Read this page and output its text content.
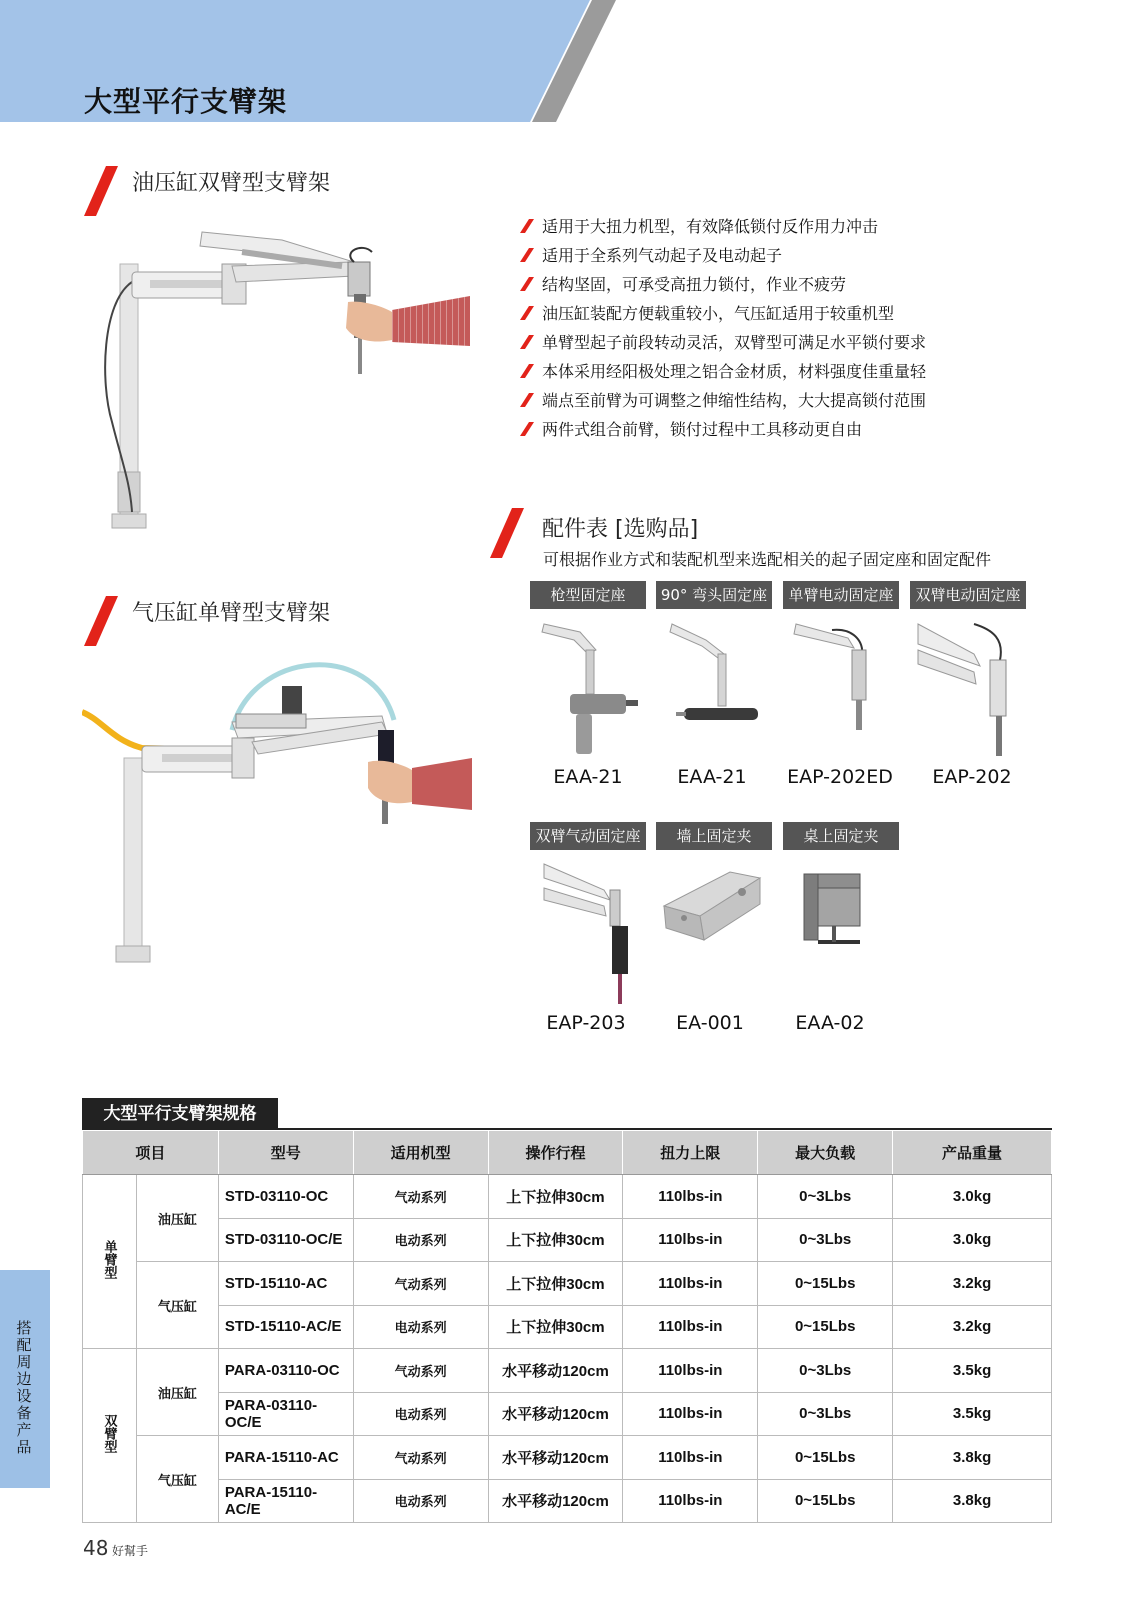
大型平行支臂架
油压缸双臂型支臂架
适用于大扭力机型，有效降低锁付反作用力冲击
适用于全系列气动起子及电动起子
结构坚固，可承受高扭力锁付，作业不疲劳
油压缸装配方便载重较小，气压缸适用于较重机型
单臂型起子前段转动灵活，双臂型可满足水平锁付要求
本体采用经阳极处理之铝合金材质，材料强度佳重量轻
端点至前臂为可调整之伸缩性结构，大大提高锁付范围
两件式组合前臂，锁付过程中工具移动更自由
配件表 [选购品]
可根据作业方式和装配机型来选配相关的起子固定座和固定配件
气压缸单臂型支臂架
枪型固定座	90° 弯头固定座	单臂电动固定座	双臂电动固定座
EAA-21	EAA-21	EAP-202ED	EAP-202
双臂气动固定座	墙上固定夹	桌上固定夹
EAP-203	EA-001	EAA-02
大型平行支臂架规格
项目		型号	适用机型	操作行程	扭力上限	最大负载	产品重量
单臂型	油压缸	STD-03110-OC	气动系列	上下拉伸30cm	110lbs-in	0~3Lbs	3.0kg
		STD-03110-OC/E	电动系列	上下拉伸30cm	110lbs-in	0~3Lbs	3.0kg
	气压缸	STD-15110-AC	气动系列	上下拉伸30cm	110lbs-in	0~15Lbs	3.2kg
		STD-15110-AC/E	电动系列	上下拉伸30cm	110lbs-in	0~15Lbs	3.2kg
双臂型	油压缸	PARA-03110-OC	气动系列	水平移动120cm	110lbs-in	0~3Lbs	3.5kg
		PARA-03110-OC/E	电动系列	水平移动120cm	110lbs-in	0~3Lbs	3.5kg
	气压缸	PARA-15110-AC	气动系列	水平移动120cm	110lbs-in	0~15Lbs	3.8kg
		PARA-15110-AC/E	电动系列	水平移动120cm	110lbs-in	0~15Lbs	3.8kg
搭配周边设备产品
48 好幫手
